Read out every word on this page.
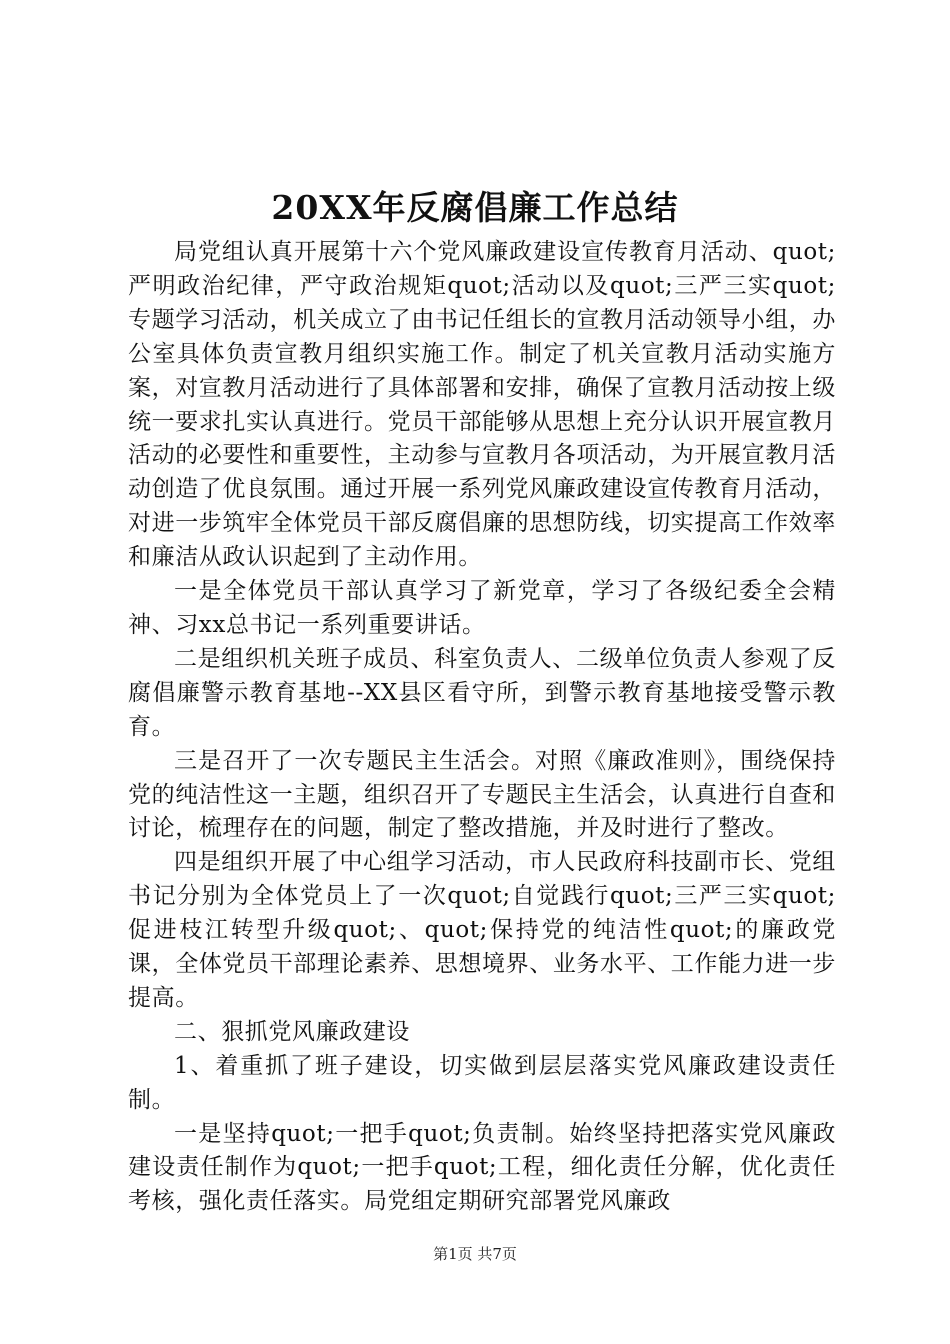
20XX年反腐倡廉工作总结

局党组认真开展第十六个党风廉政建设宣传教育月活动、quot;严明政治纪律，严守政治规矩quot;活动以及quot;三严三实quot;专题学习活动，机关成立了由书记任组长的宣教月活动领导小组，办公室具体负责宣教月组织实施工作。制定了机关宣教月活动实施方案，对宣教月活动进行了具体部署和安排，确保了宣教月活动按上级统一要求扎实认真进行。党员干部能够从思想上充分认识开展宣教月活动的必要性和重要性，主动参与宣教月各项活动，为开展宣教月活动创造了优良氛围。通过开展一系列党风廉政建设宣传教育月活动，对进一步筑牢全体党员干部反腐倡廉的思想防线，切实提高工作效率和廉洁从政认识起到了主动作用。

一是全体党员干部认真学习了新党章，学习了各级纪委全会精神、习xx总书记一系列重要讲话。

二是组织机关班子成员、科室负责人、二级单位负责人参观了反腐倡廉警示教育基地--XX县区看守所，到警示教育基地接受警示教育。

三是召开了一次专题民主生活会。对照《廉政准则》，围绕保持党的纯洁性这一主题，组织召开了专题民主生活会，认真进行自查和讨论，梳理存在的问题，制定了整改措施，并及时进行了整改。

四是组织开展了中心组学习活动，市人民政府科技副市长、党组书记分别为全体党员上了一次quot;自觉践行quot;三严三实quot;促进枝江转型升级quot;、quot;保持党的纯洁性quot;的廉政党课，全体党员干部理论素养、思想境界、业务水平、工作能力进一步提高。

二、狠抓党风廉政建设

1、着重抓了班子建设，切实做到层层落实党风廉政建设责任制。

一是坚持quot;一把手quot;负责制。始终坚持把落实党风廉政建设责任制作为quot;一把手quot;工程，细化责任分解，优化责任考核，强化责任落实。局党组定期研究部署党风廉政

第1页 共7页
